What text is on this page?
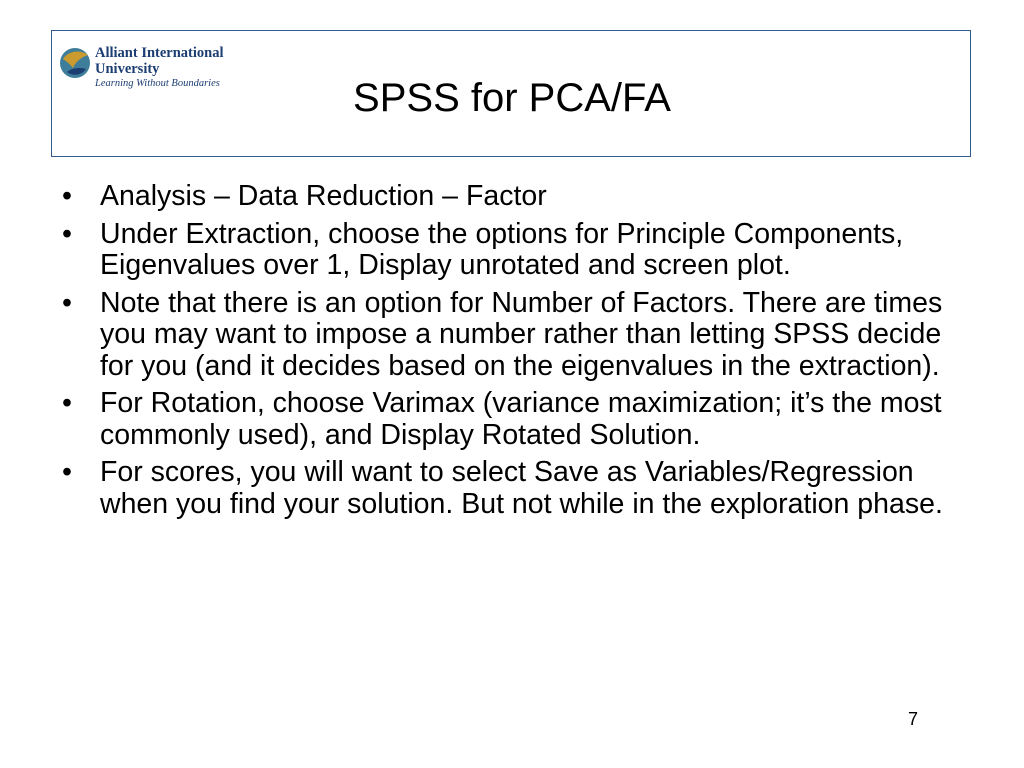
Alliant International
University
Learning Without Boundaries	SPSS for PCA/FA
• Analysis – Data Reduction – Factor
• Under Extraction, choose the options for Principle Components, Eigenvalues over 1, Display unrotated and screen plot.
• Note that there is an option for Number of Factors. There are times you may want to impose a number rather than letting SPSS decide for you (and it decides based on the eigenvalues in the extraction).
• For Rotation, choose Varimax (variance maximization; it’s the most commonly used), and Display Rotated Solution.
• For scores, you will want to select Save as Variables/Regression when you find your solution. But not while in the exploration phase.
7
